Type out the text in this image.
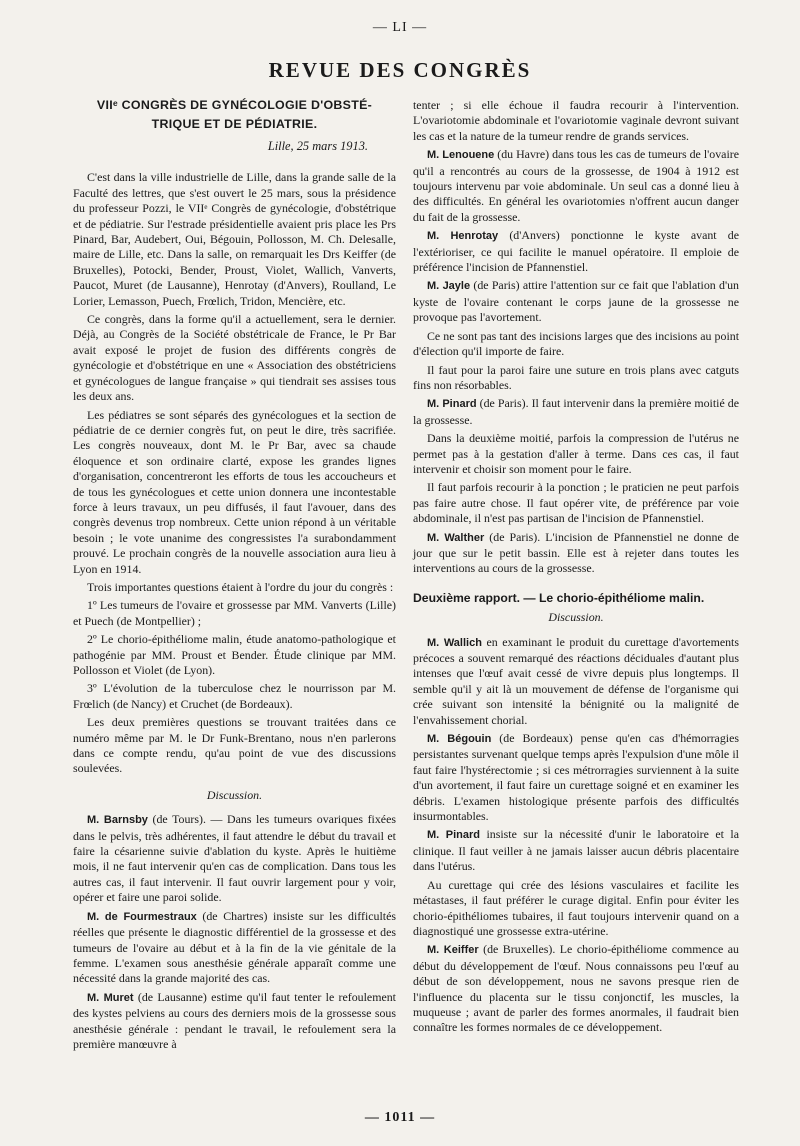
— LI —
REVUE DES CONGRÈS
VIIᵉ CONGRÈS DE GYNÉCOLOGIE D'OBSTÉ-
TRIQUE ET DE PÉDIATRIE.
Lille, 25 mars 1913.

C'est dans la ville industrielle de Lille, dans la grande salle de la Faculté des lettres, que s'est ouvert le 25 mars, sous la présidence du professeur Pozzi, le VIIᵉ Congrès de gynécologie, d'obstétrique et de pédiatrie. Sur l'estrade présidentielle avaient pris place les Prs Pinard, Bar, Audebert, Oui, Bégouin, Pollosson, M. Ch. Delesalle, maire de Lille, etc. Dans la salle, on remarquait les Drs Keiffer (de Bruxelles), Potocki, Bender, Proust, Violet, Wallich, Vanverts, Paucot, Muret (de Lausanne), Henrotay (d'Anvers), Roulland, Le Lorier, Lemasson, Puech, Frœlich, Tridon, Mencière, etc.

Ce congrès, dans la forme qu'il a actuellement, sera le dernier. Déjà, au Congrès de la Société obstétricale de France, le Pr Bar avait exposé le projet de fusion des différents congrès de gynécologie et d'obstétrique en une « Association des obstétriciens et gynécologues de langue française » qui tiendrait ses assises tous les deux ans.

Les pédiatres se sont séparés des gynécologues et la section de pédiatrie de ce dernier congrès fut, on peut le dire, très sacrifiée. Les congrès nouveaux, dont M. le Pr Bar, avec sa chaude éloquence et son ordinaire clarté, expose les grandes lignes d'organisation, concentreront les efforts de tous les accoucheurs et de tous les gynécologues et cette union donnera une incontestable force à leurs travaux, un peu diffusés, il faut l'avouer, dans des congrès devenus trop nombreux. Cette union répond à un véritable besoin ; le vote unanime des congressistes l'a surabondamment prouvé. Le prochain congrès de la nouvelle association aura lieu à Lyon en 1914.

Trois importantes questions étaient à l'ordre du jour du congrès :

1º Les tumeurs de l'ovaire et grossesse par MM. Vanverts (Lille) et Puech (de Montpellier) ;

2º Le chorio-épithéliome malin, étude anatomo-pathologique et pathogénie par MM. Proust et Bender. Étude clinique par MM. Pollosson et Violet (de Lyon).

3º L'évolution de la tuberculose chez le nourrisson par M. Frœlich (de Nancy) et Cruchet (de Bordeaux).

Les deux premières questions se trouvant traitées dans ce numéro même par M. le Dr Funk-Brentano, nous n'en parlerons dans ce compte rendu, qu'au point de vue des discussions soulevées.

Discussion.

M. Barnsby (de Tours). — Dans les tumeurs ovariques fixées dans le pelvis, très adhérentes, il faut attendre le début du travail et faire la césarienne suivie d'ablation du kyste. Après le huitième mois, il ne faut intervenir qu'en cas de complication. Dans tous les autres cas, il faut intervenir. Il faut ouvrir largement pour y voir, opérer et faire une paroi solide.

M. de Fourmestraux (de Chartres) insiste sur les difficultés réelles que présente le diagnostic différentiel de la grossesse et des tumeurs de l'ovaire au début et à la fin de la vie génitale de la femme. L'examen sous anesthésie générale apparaît comme une nécessité dans la grande majorité des cas.

M. Muret (de Lausanne) estime qu'il faut tenter le refoulement des kystes pelviens au cours des derniers mois de la grossesse sous anesthésie générale : pendant le travail, le refoulement sera la première manœuvre à

tenter ; si elle échoue il faudra recourir à l'intervention. L'ovariotomie abdominale et l'ovariotomie vaginale devront suivant les cas et la nature de la tumeur rendre de grands services.

M. Lenouene (du Havre) dans tous les cas de tumeurs de l'ovaire qu'il a rencontrés au cours de la grossesse, de 1904 à 1912 est toujours intervenu par voie abdominale. Un seul cas a donné lieu à des difficultés. En général les ovariotomies n'offrent aucun danger du fait de la grossesse.

M. Henrotay (d'Anvers) ponctionne le kyste avant de l'extérioriser, ce qui facilite le manuel opératoire. Il emploie de préférence l'incision de Pfannenstiel.

M. Jayle (de Paris) attire l'attention sur ce fait que l'ablation d'un kyste de l'ovaire contenant le corps jaune de la grossesse ne provoque pas l'avortement.

Ce ne sont pas tant des incisions larges que des incisions au point d'élection qu'il importe de faire.

Il faut pour la paroi faire une suture en trois plans avec catguts fins non résorbables.

M. Pinard (de Paris). Il faut intervenir dans la première moitié de la grossesse.

Dans la deuxième moitié, parfois la compression de l'utérus ne permet pas à la gestation d'aller à terme. Dans ces cas, il faut intervenir et choisir son moment pour le faire.

Il faut parfois recourir à la ponction ; le praticien ne peut parfois pas faire autre chose. Il faut opérer vite, de préférence par voie abdominale, il n'est pas partisan de l'incision de Pfannenstiel.

M. Walther (de Paris). L'incision de Pfannenstiel ne donne de jour que sur le petit bassin. Elle est à rejeter dans toutes les interventions au cours de la grossesse.

Deuxième rapport. — Le chorio-épithéliome malin.
Discussion.

M. Wallich en examinant le produit du curettage d'avortements précoces a souvent remarqué des réactions déciduales d'autant plus intenses que l'œuf avait cessé de vivre depuis plus longtemps. Il semble qu'il y ait là un mouvement de défense de l'organisme qui crée suivant son intensité la bénignité ou la malignité de l'envahissement chorial.

M. Bégouin (de Bordeaux) pense qu'en cas d'hémorragies persistantes survenant quelque temps après l'expulsion d'une môle il faut faire l'hystérectomie ; si ces métrorragies surviennent à la suite d'un avortement, il faut faire un curettage soigné et en examiner les débris. L'examen histologique présente parfois des difficultés insurmontables.

M. Pinard insiste sur la nécessité d'unir le laboratoire et la clinique. Il faut veiller à ne jamais laisser aucun débris placentaire dans l'utérus.

Au curettage qui crée des lésions vasculaires et facilite les métastases, il faut préférer le curage digital. Enfin pour éviter les chorio-épithéliomes tubaires, il faut toujours intervenir quand on a diagnostiqué une grossesse extra-utérine.

M. Keiffer (de Bruxelles). Le chorio-épithéliome commence au début du développement de l'œuf. Nous connaissons peu l'œuf au début de son développement, nous ne savons presque rien de l'influence du placenta sur le tissu conjonctif, les muscles, la muqueuse ; avant de parler des formes anormales, il faudrait bien connaître les formes normales de ce développement.

— 1011 —
